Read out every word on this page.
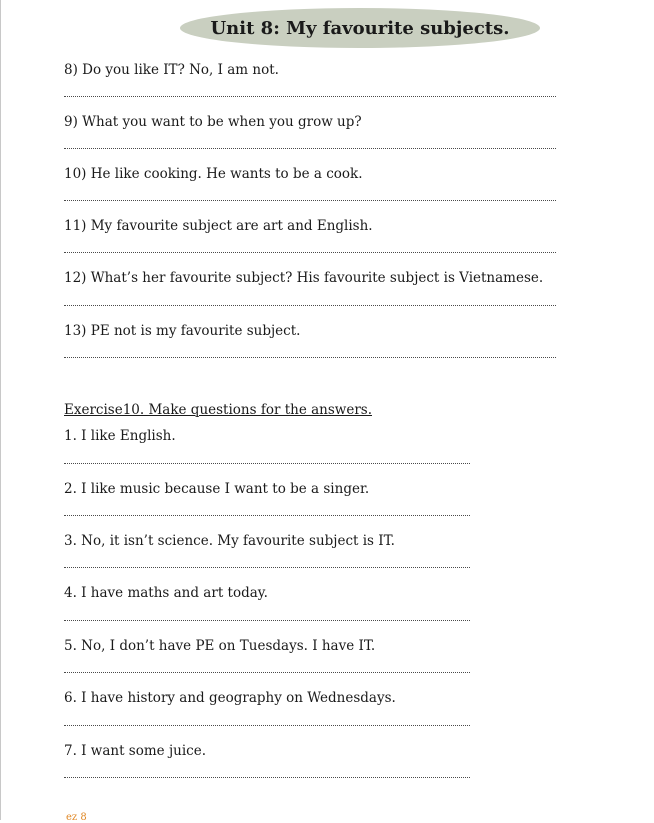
Unit 8: My favourite subjects.
8) Do you like IT? No, I am not.
9) What you want to be when you grow up?
10) He like cooking. He wants to be a cook.
11) My favourite subject are art and English.
12) What’s her favourite subject? His favourite subject is Vietnamese.
13) PE not is my favourite subject.
Exercise10. Make questions for the answers.
1. I like English.
2. I like music because I want to be a singer.
3. No, it isn’t science. My favourite subject is IT.
4. I have maths and art today.
5. No, I don’t have PE on Tuesdays. I have IT.
6. I have history and geography on Wednesdays.
7. I want some juice.
ez 8
